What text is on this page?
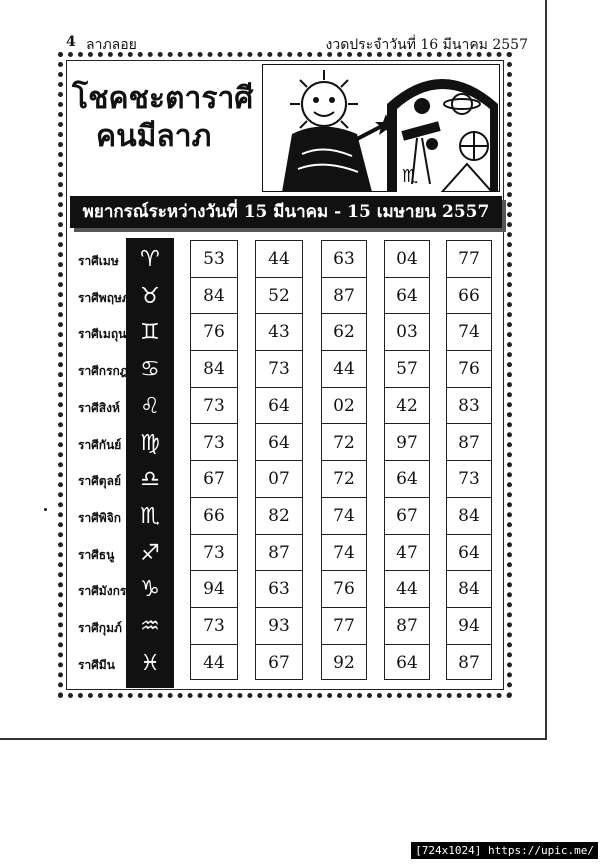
4 ลาภลอย	งวดประจำวันที่ 16 มีนาคม 2557
โชคชะตาราศี
คนมีลาภ
♏
พยากรณ์ระหว่างวันที่ 15 มีนาคม - 15 เมษายน 2557
[724x1024] https://upic.me/
ราศีเมษ ♈
ราศีพฤษภ ♉
ราศีเมถุน ♊
ราศีกรกฎ ♋
ราศีสิงห์ ♌
ราศีกันย์ ♍
ราศีตุลย์ ♎
ราศีพิจิก ♏
ราศีธนู ♐
ราศีมังกร ♑
ราศีกุมภ์ ♒
ราศีมีน ♓
53
84
76
84
73
73
67
66
73
94
73
44
44
52
43
73
64
64
07
82
87
63
93
67
63
87
62
44
02
72
72
74
74
76
77
92
04
64
03
57
42
97
64
67
47
44
87
64
77
66
74
76
83
87
73
84
64
84
94
87
